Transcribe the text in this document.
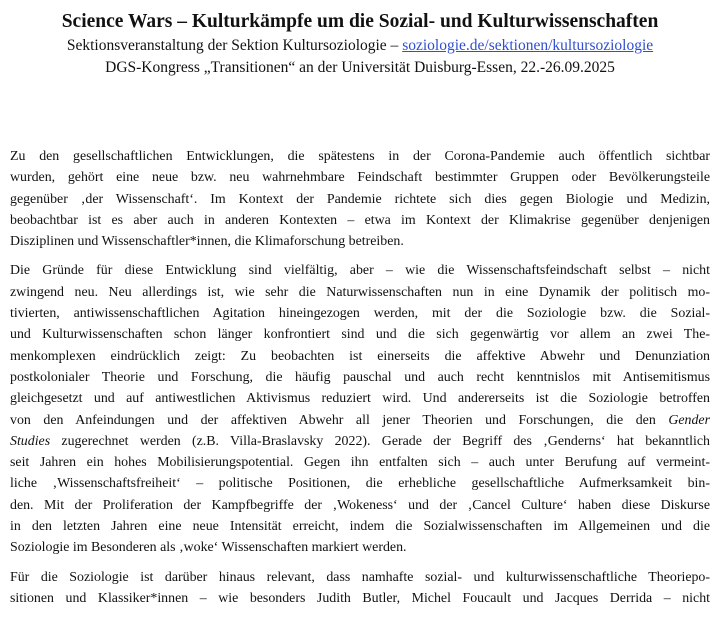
Science Wars – Kulturkämpfe um die Sozial- und Kulturwissenschaften

Sektionsveranstaltung der Sektion Kultursoziologie – soziologie.de/sektionen/kultursoziologie

DGS-Kongress „Transitionen“ an der Universität Duisburg-Essen, 22.-26.09.2025

Zu den gesellschaftlichen Entwicklungen, die spätestens in der Corona-Pandemie auch öffentlich sichtbar
wurden, gehört eine neue bzw. neu wahrnehmbare Feindschaft bestimmter Gruppen oder Bevölkerungsteile
gegenüber ‚der Wissenschaft‘. Im Kontext der Pandemie richtete sich dies gegen Biologie und Medizin,
beobachtbar ist es aber auch in anderen Kontexten – etwa im Kontext der Klimakrise gegenüber denjenigen
Disziplinen und Wissenschaftler*innen, die Klimaforschung betreiben.

Die Gründe für diese Entwicklung sind vielfältig, aber – wie die Wissenschaftsfeindschaft selbst – nicht
zwingend neu. Neu allerdings ist, wie sehr die Naturwissenschaften nun in eine Dynamik der politisch mo-
tivierten, antiwissenschaftlichen Agitation hineingezogen werden, mit der die Soziologie bzw. die Sozial-
und Kulturwissenschaften schon länger konfrontiert sind und die sich gegenwärtig vor allem an zwei The-
menkomplexen eindrücklich zeigt: Zu beobachten ist einerseits die affektive Abwehr und Denunziation
postkolonialer Theorie und Forschung, die häufig pauschal und auch recht kenntnislos mit Antisemitismus
gleichgesetzt und auf antiwestlichen Aktivismus reduziert wird. Und andererseits ist die Soziologie betroffen
von den Anfeindungen und der affektiven Abwehr all jener Theorien und Forschungen, die den Gender
Studies zugerechnet werden (z.B. Villa-Braslavsky 2022). Gerade der Begriff des ‚Genderns‘ hat bekanntlich
seit Jahren ein hohes Mobilisierungspotential. Gegen ihn entfalten sich – auch unter Berufung auf vermeint-
liche ‚Wissenschaftsfreiheit‘ – politische Positionen, die erhebliche gesellschaftliche Aufmerksamkeit bin-
den. Mit der Proliferation der Kampfbegriffe der ‚Wokeness‘ und der ‚Cancel Culture‘ haben diese Diskurse
in den letzten Jahren eine neue Intensität erreicht, indem die Sozialwissenschaften im Allgemeinen und die
Soziologie im Besonderen als ‚woke‘ Wissenschaften markiert werden.

Für die Soziologie ist darüber hinaus relevant, dass namhafte sozial- und kulturwissenschaftliche Theoriepo-
sitionen und Klassiker*innen – wie besonders Judith Butler, Michel Foucault und Jacques Derrida – nicht
